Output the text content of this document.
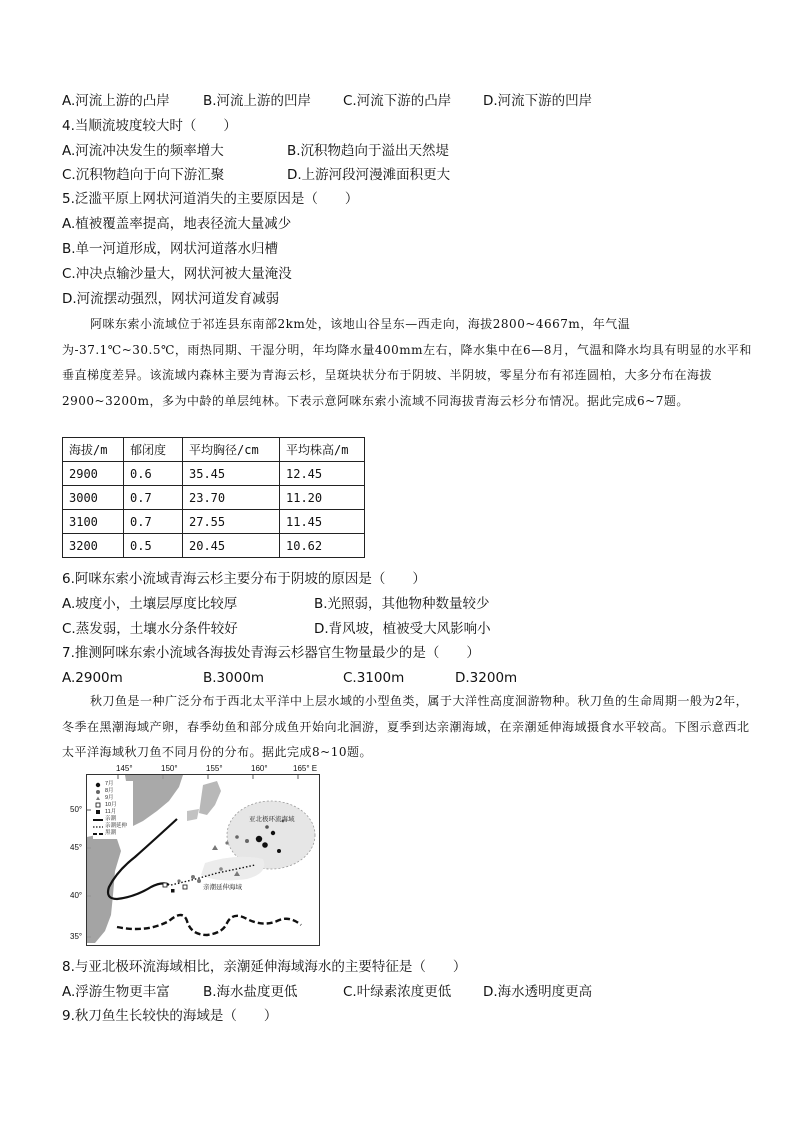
A.河流上游的凸岸 B.河流上游的凹岸 C.河流下游的凸岸 D.河流下游的凹岸
4.当顺流坡度较大时（　　）
A.河流冲决发生的频率增大	B.沉积物趋向于溢出天然堤
C.沉积物趋向于向下游汇聚	D.上游河段河漫滩面积更大
5.泛滥平原上网状河道消失的主要原因是（　　）
A.植被覆盖率提高，地表径流大量减少
B.单一河道形成，网状河道落水归槽
C.冲决点输沙量大，网状河被大量淹没
D.河流摆动强烈，网状河道发育减弱
阿咪东索小流域位于祁连县东南部2km处，该地山谷呈东—西走向，海拔2800~4667m，年气温为-37.1℃~30.5℃，雨热同期、干湿分明，年均降水量400mm左右，降水集中在6—8月，气温和降水均具有明显的水平和垂直梯度差异。该流域内森林主要为青海云杉，呈斑块状分布于阴坡、半阴坡，零星分布有祁连圆柏，大多分布在海拔2900~3200m，多为中龄的单层纯林。下表示意阿咪东索小流域不同海拔青海云杉分布情况。据此完成6~7题。
海拔/m	郁闭度	平均胸径/cm	平均株高/m
2900	0.6	35.45	12.45
3000	0.7	23.70	11.20
3100	0.7	27.55	11.45
3200	0.5	20.45	10.62
6.阿咪东索小流域青海云杉主要分布于阴坡的原因是（　　）
A.坡度小，土壤层厚度比较厚	B.光照弱，其他物种数量较少
C.蒸发弱，土壤水分条件较好	D.背风坡，植被受大风影响小
7.推测阿咪东索小流域各海拔处青海云杉器官生物量最少的是（　　）
A.2900m	B.3000m	C.3100m	D.3200m
秋刀鱼是一种广泛分布于西北太平洋中上层水域的小型鱼类，属于大洋性高度洄游物种。秋刀鱼的生命周期一般为2年，冬季在黑潮海域产卵，春季幼鱼和部分成鱼开始向北洄游，夏季到达亲潮海域，在亲潮延伸海域摄食水平较高。下图示意西北太平洋海域秋刀鱼不同月份的分布。据此完成8~10题。
145°	150°	155°	160°	165° E
50°
45°
40°
35°
亚北极环流海域
亲潮延伸海域
7月
8月
9月
10月
11月
亲潮
亲潮延伸
黑潮
8.与亚北极环流海域相比，亲潮延伸海域海水的主要特征是（　　）
A.浮游生物更丰富 B.海水盐度更低	C.叶绿素浓度更低 D.海水透明度更高
9.秋刀鱼生长较快的海域是（　　）
